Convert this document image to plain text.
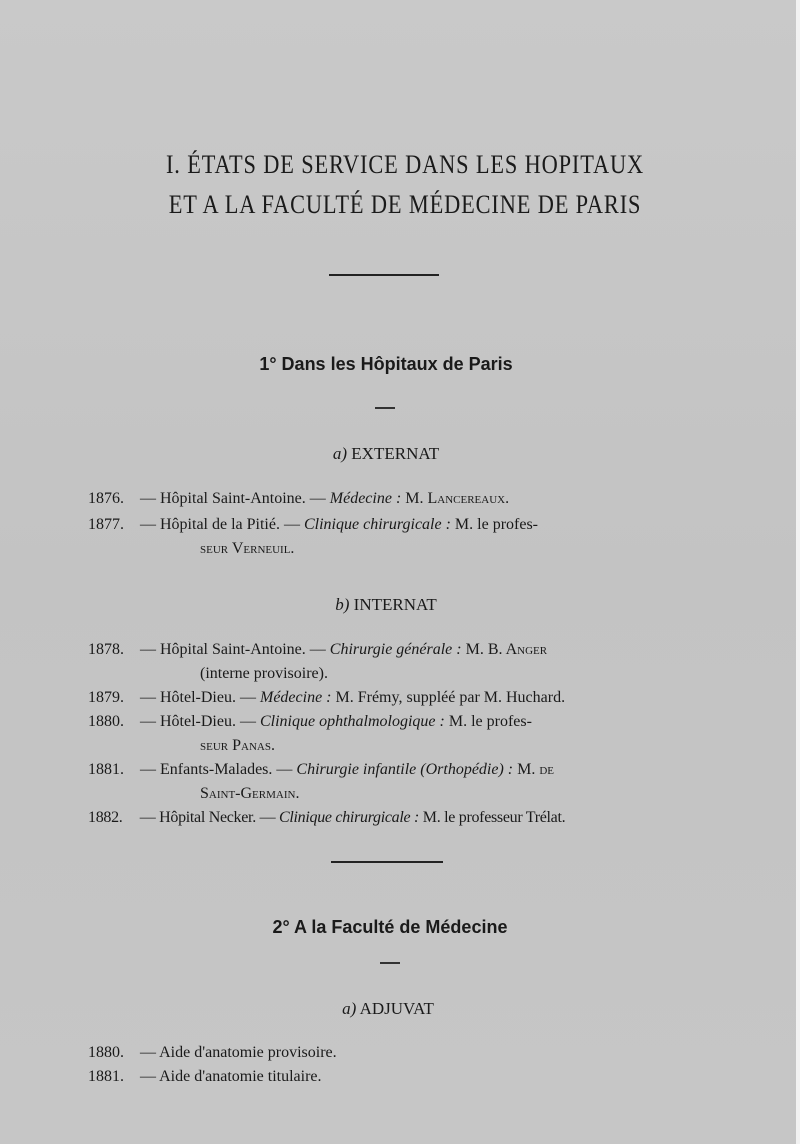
I. ÉTATS DE SERVICE DANS LES HOPITAUX
ET A LA FACULTÉ DE MÉDECINE DE PARIS
1° Dans les Hôpitaux de Paris
a) EXTERNAT
1876. — Hôpital Saint-Antoine. — Médecine : M. Lancereaux.
1877. — Hôpital de la Pitié. — Clinique chirurgicale : M. le profes-
seur Verneuil.
b) INTERNAT
1878. — Hôpital Saint-Antoine. — Chirurgie générale : M. B. Anger
(interne provisoire).
1879. — Hôtel-Dieu. — Médecine : M. Frémy, suppléé par M. Huchard.
1880. — Hôtel-Dieu. — Clinique ophthalmologique : M. le profes-
seur Panas.
1881. — Enfants-Malades. — Chirurgie infantile (Orthopédie) : M. de
Saint-Germain.
1882. — Hôpital Necker. — Clinique chirurgicale : M. le professeur Trélat.
2° A la Faculté de Médecine
a) ADJUVAT
1880. — Aide d'anatomie provisoire.
1881. — Aide d'anatomie titulaire.
